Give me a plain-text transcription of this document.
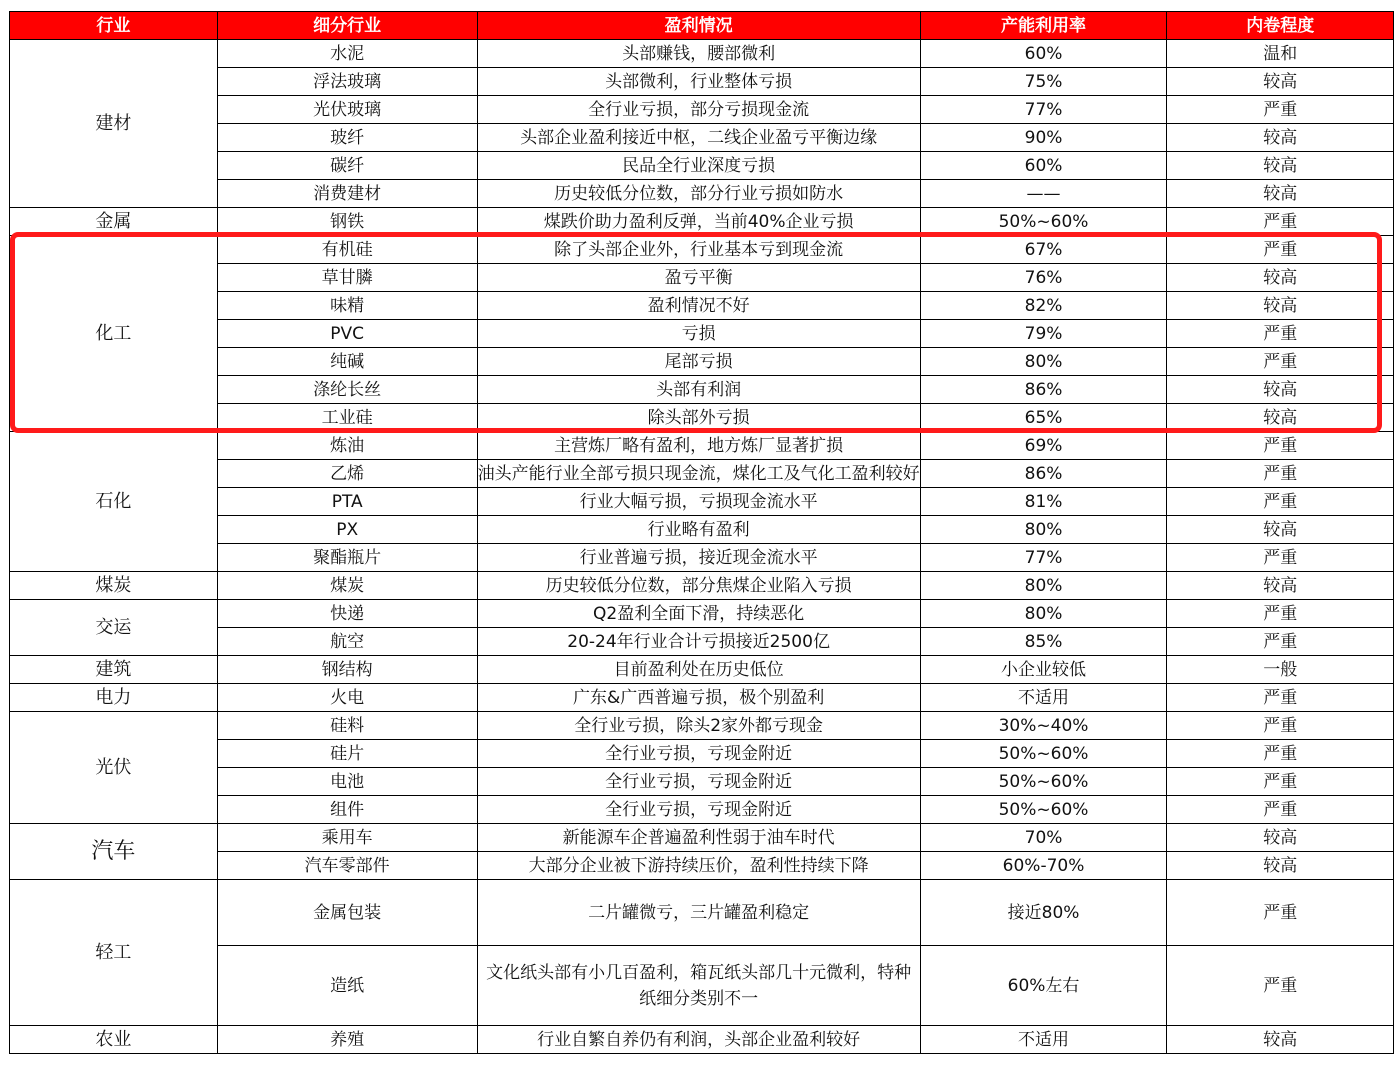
行业	细分行业	盈利情况	产能利用率	内卷程度
建材	水泥	头部赚钱，腰部微利	60%	温和
	浮法玻璃	头部微利，行业整体亏损	75%	较高
	光伏玻璃	全行业亏损，部分亏损现金流	77%	严重
	玻纤	头部企业盈利接近中枢，二线企业盈亏平衡边缘	90%	较高
	碳纤	民品全行业深度亏损	60%	较高
	消费建材	历史较低分位数，部分行业亏损如防水	——	较高
金属	钢铁	煤跌价助力盈利反弹，当前40%企业亏损	50%~60%	严重
化工	有机硅	除了头部企业外，行业基本亏到现金流	67%	严重
	草甘膦	盈亏平衡	76%	较高
	味精	盈利情况不好	82%	较高
	PVC	亏损	79%	严重
	纯碱	尾部亏损	80%	严重
	涤纶长丝	头部有利润	86%	较高
	工业硅	除头部外亏损	65%	较高
石化	炼油	主营炼厂略有盈利，地方炼厂显著扩损	69%	严重
	乙烯	油头产能行业全部亏损只现金流，煤化工及气化工盈利较好	86%	严重
	PTA	行业大幅亏损，亏损现金流水平	81%	严重
	PX	行业略有盈利	80%	较高
	聚酯瓶片	行业普遍亏损，接近现金流水平	77%	严重
煤炭	煤炭	历史较低分位数，部分焦煤企业陷入亏损	80%	较高
交运	快递	Q2盈利全面下滑，持续恶化	80%	严重
	航空	20-24年行业合计亏损接近2500亿	85%	严重
建筑	钢结构	目前盈利处在历史低位	小企业较低	一般
电力	火电	广东&广西普遍亏损，极个别盈利	不适用	严重
光伏	硅料	全行业亏损，除头2家外都亏现金	30%~40%	严重
	硅片	全行业亏损，亏现金附近	50%~60%	严重
	电池	全行业亏损，亏现金附近	50%~60%	严重
	组件	全行业亏损，亏现金附近	50%~60%	严重
汽车	乘用车	新能源车企普遍盈利性弱于油车时代	70%	较高
	汽车零部件	大部分企业被下游持续压价，盈利性持续下降	60%-70%	较高
轻工	金属包装	二片罐微亏，三片罐盈利稳定	接近80%	严重
	造纸	文化纸头部有小几百盈利，箱瓦纸头部几十元微利，特种纸细分类别不一	60%左右	严重
农业	养殖	行业自繁自养仍有利润，头部企业盈利较好	不适用	较高
